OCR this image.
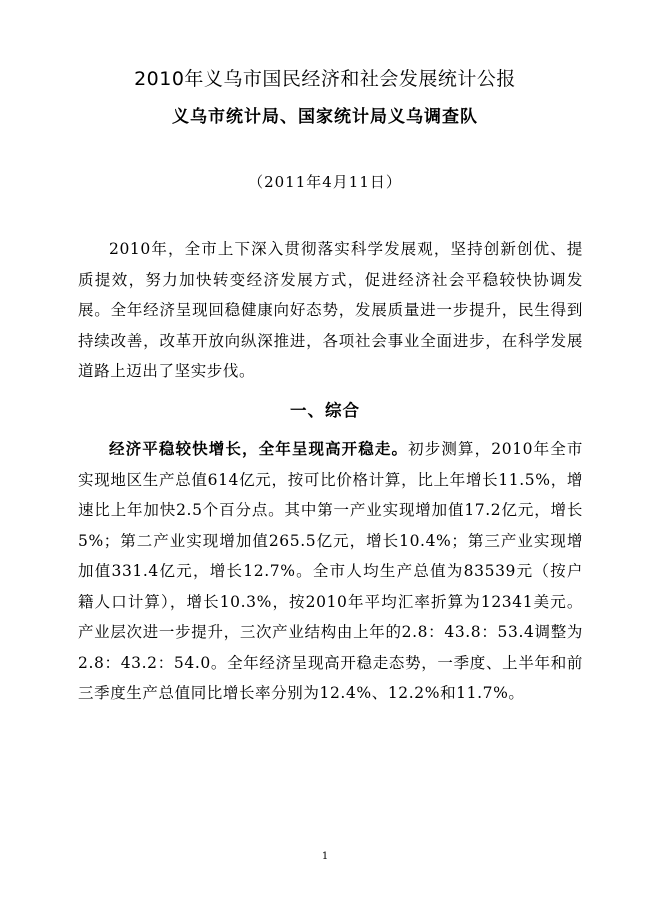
2010年义乌市国民经济和社会发展统计公报
义乌市统计局、国家统计局义乌调查队
（2011年4月11日）

2010年，全市上下深入贯彻落实科学发展观，坚持创新创优、提质提效，努力加快转变经济发展方式，促进经济社会平稳较快协调发展。全年经济呈现回稳健康向好态势，发展质量进一步提升，民生得到持续改善，改革开放向纵深推进，各项社会事业全面进步，在科学发展道路上迈出了坚实步伐。

一、综合

经济平稳较快增长，全年呈现高开稳走。初步测算，2010年全市实现地区生产总值614亿元，按可比价格计算，比上年增长11.5%，增速比上年加快2.5个百分点。其中第一产业实现增加值17.2亿元，增长5%；第二产业实现增加值265.5亿元，增长10.4%；第三产业实现增加值331.4亿元，增长12.7%。全市人均生产总值为83539元（按户籍人口计算），增长10.3%，按2010年平均汇率折算为12341美元。产业层次进一步提升，三次产业结构由上年的2.8：43.8：53.4调整为2.8：43.2：54.0。全年经济呈现高开稳走态势，一季度、上半年和前三季度生产总值同比增长率分别为12.4%、12.2%和11.7%。

1
